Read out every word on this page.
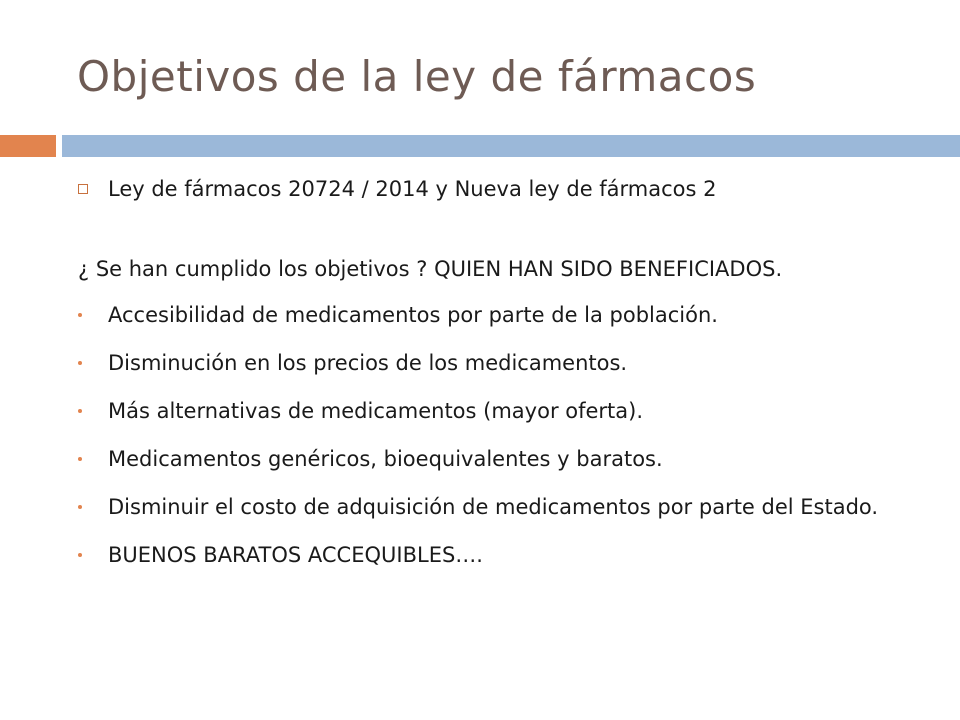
Objetivos de la ley de fármacos
Ley de fármacos 20724 / 2014 y Nueva ley de fármacos 2
¿ Se han cumplido los objetivos ? QUIEN HAN SIDO BENEFICIADOS.
Accesibilidad de medicamentos por parte de la población.
Disminución en los precios de los medicamentos.
Más alternativas de medicamentos (mayor oferta).
Medicamentos genéricos, bioequivalentes y baratos.
Disminuir el costo de adquisición de medicamentos por parte del Estado.
BUENOS BARATOS ACCEQUIBLES….
